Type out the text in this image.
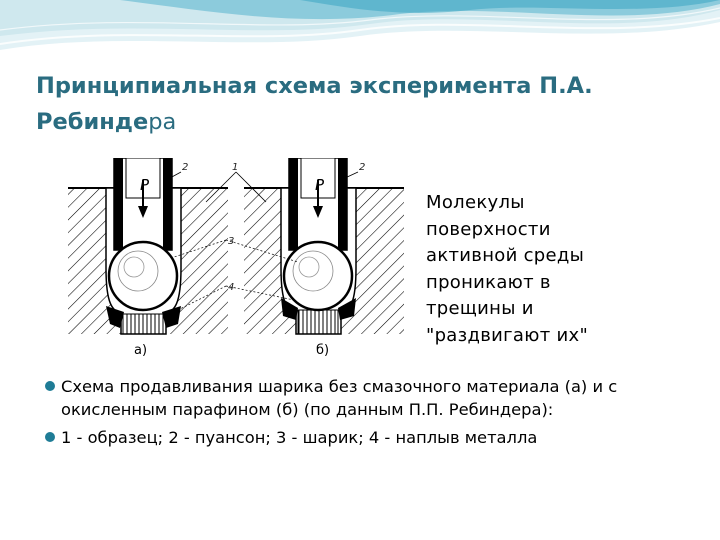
Принципиальная схема эксперимента П.А. Ребиндера
P	P
1
2	2
3
4
а)	б)
Молекулы
поверхности
активной среды
проникают в
трещины и
"раздвигают их"
Схема продавливания шарика без смазочного материала (а) и с окисленным парафином (б) (по данным П.П. Ребиндера):
1 - образец; 2 - пуансон; 3 - шарик; 4 - наплыв металла
